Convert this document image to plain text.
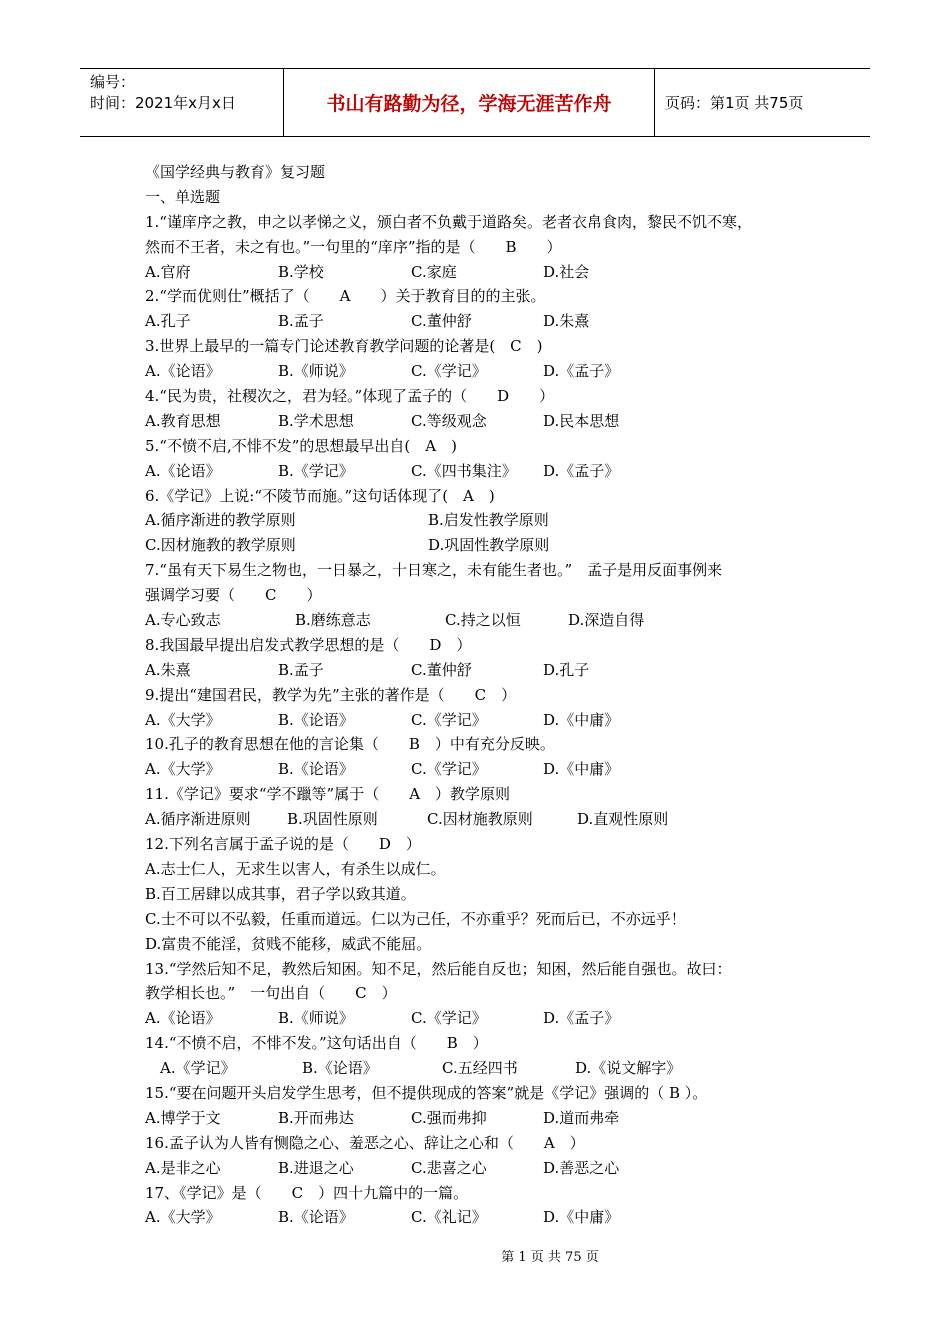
编号：
时间：2021年x月x日	书山有路勤为径，学海无涯苦作舟	页码：第1页 共75页
《国学经典与教育》复习题
一、单选题
1.“谨庠序之教，申之以孝悌之义，颁白者不负戴于道路矣。老者衣帛食肉，黎民不饥不寒，
然而不王者，未之有也。”一句里的“庠序”指的是（　　B　　）
A.官府	B.学校	C.家庭	D.社会
2.“学而优则仕”概括了（　　A　　）关于教育目的的主张。
A.孔子	B.孟子	C.董仲舒	D.朱熹
3.世界上最早的一篇专门论述教育教学问题的论著是(　C　)
A.《论语》	B.《师说》	C.《学记》	D.《孟子》
4.“民为贵，社稷次之，君为轻。”体现了孟子的（　　D　　）
A.教育思想	B.学术思想	C.等级观念	D.民本思想
5.“不愤不启,不悱不发”的思想最早出自(　A　)
A.《论语》	B.《学记》	C.《四书集注》 D.《孟子》
6.《学记》上说:“不陵节而施。”这句话体现了(　A　)
A.循序渐进的教学原则	B.启发性教学原则
C.因材施教的教学原则	D.巩固性教学原则
7.“虽有天下易生之物也，一日暴之，十日寒之，未有能生者也。”　孟子是用反面事例来
强调学习要（　　C　　）
A.专心致志	B.磨练意志	C.持之以恒	D.深造自得
8.我国最早提出启发式教学思想的是（　　D　）
A.朱熹	B.孟子	C.董仲舒	D.孔子
9.提出“建国君民，教学为先”主张的著作是（　　C　）
A.《大学》	B.《论语》	C.《学记》	D.《中庸》
10.孔子的教育思想在他的言论集（　　B　）中有充分反映。
A.《大学》	B.《论语》	C.《学记》	D.《中庸》
11.《学记》要求“学不躐等”属于（　　A　）教学原则
A.循序渐进原则 B.巩固性原则	C.因材施教原则	D.直观性原则
12.下列名言属于孟子说的是（　　D　）
A.志士仁人，无求生以害人，有杀生以成仁。
B.百工居肆以成其事，君子学以致其道。
C.士不可以不弘毅，任重而道远。仁以为己任，不亦重乎？死而后已，不亦远乎！
D.富贵不能淫，贫贱不能移，威武不能屈。
13.“学然后知不足，教然后知困。知不足，然后能自反也；知困，然后能自强也。故曰：
教学相长也。”　一句出自（　　C　）
A.《论语》	B.《师说》	C.《学记》	D.《孟子》
14.“不愤不启，不悱不发。”这句话出自（　　B　）
A.《学记》	B.《论语》	C.五经四书	D.《说文解字》
15.“要在问题开头启发学生思考，但不提供现成的答案”就是《学记》强调的（ B ）。
A.博学于文	B.开而弗达	C.强而弗抑	D.道而弗牵
16.孟子认为人皆有恻隐之心、羞恶之心、辞让之心和（　　A　）
A.是非之心	B.进退之心	C.悲喜之心	D.善恶之心
17、《学记》是（　　C　）四十九篇中的一篇。
A.《大学》	B.《论语》	C.《礼记》	D.《中庸》
第 1 页 共 75 页
